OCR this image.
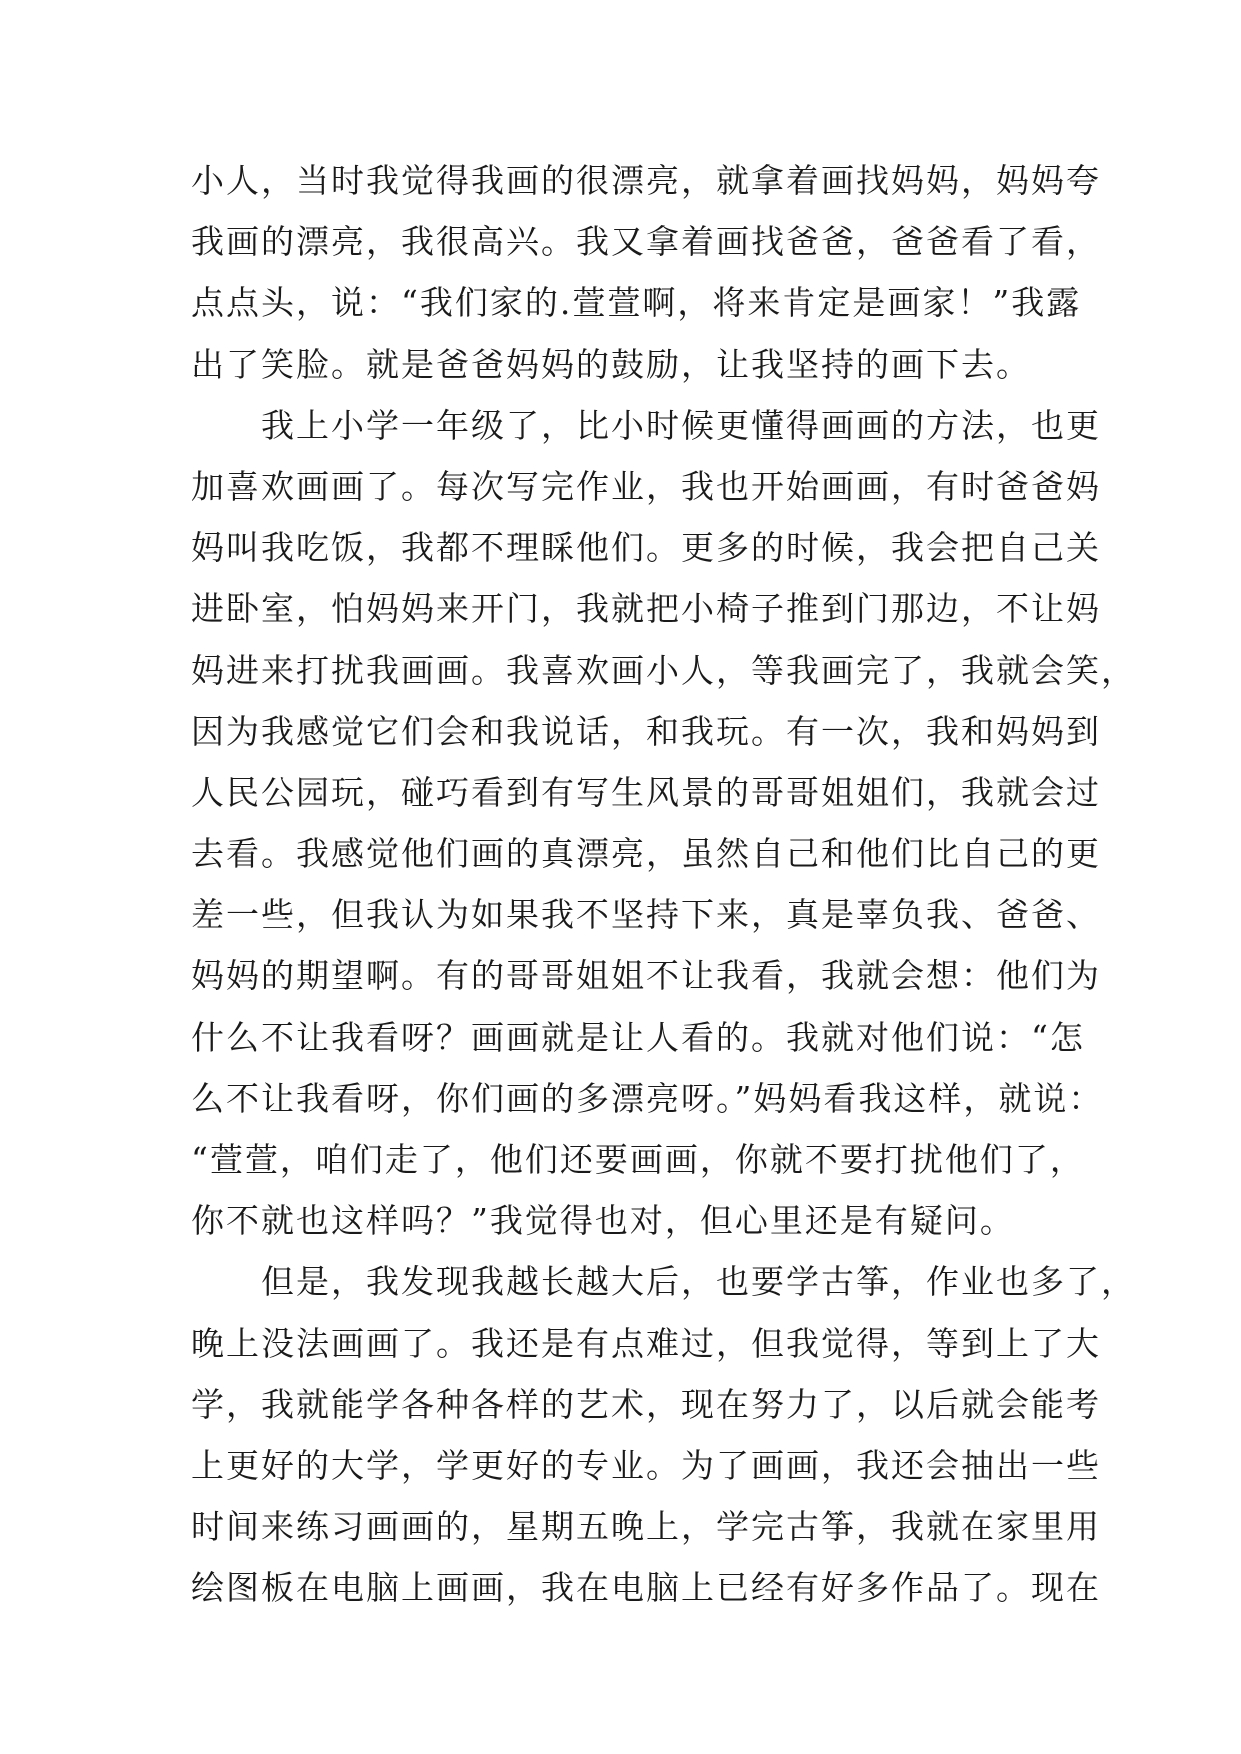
小人，当时我觉得我画的很漂亮，就拿着画找妈妈，妈妈夸
我画的漂亮，我很高兴。我又拿着画找爸爸，爸爸看了看，
点点头，说：“我们家的.萱萱啊，将来肯定是画家！”我露
出了笑脸。就是爸爸妈妈的鼓励，让我坚持的画下去。
　　我上小学一年级了，比小时候更懂得画画的方法，也更
加喜欢画画了。每次写完作业，我也开始画画，有时爸爸妈
妈叫我吃饭，我都不理睬他们。更多的时候，我会把自己关
进卧室，怕妈妈来开门，我就把小椅子推到门那边，不让妈
妈进来打扰我画画。我喜欢画小人，等我画完了，我就会笑，
因为我感觉它们会和我说话，和我玩。有一次，我和妈妈到
人民公园玩，碰巧看到有写生风景的哥哥姐姐们，我就会过
去看。我感觉他们画的真漂亮，虽然自己和他们比自己的更
差一些，但我认为如果我不坚持下来，真是辜负我、爸爸、
妈妈的期望啊。有的哥哥姐姐不让我看，我就会想：他们为
什么不让我看呀？画画就是让人看的。我就对他们说：“怎
么不让我看呀，你们画的多漂亮呀。”妈妈看我这样，就说：
“萱萱，咱们走了，他们还要画画，你就不要打扰他们了，
你不就也这样吗？”我觉得也对，但心里还是有疑问。
　　但是，我发现我越长越大后，也要学古筝，作业也多了，
晚上没法画画了。我还是有点难过，但我觉得，等到上了大
学，我就能学各种各样的艺术，现在努力了，以后就会能考
上更好的大学，学更好的专业。为了画画，我还会抽出一些
时间来练习画画的，星期五晚上，学完古筝，我就在家里用
绘图板在电脑上画画，我在电脑上已经有好多作品了。现在
